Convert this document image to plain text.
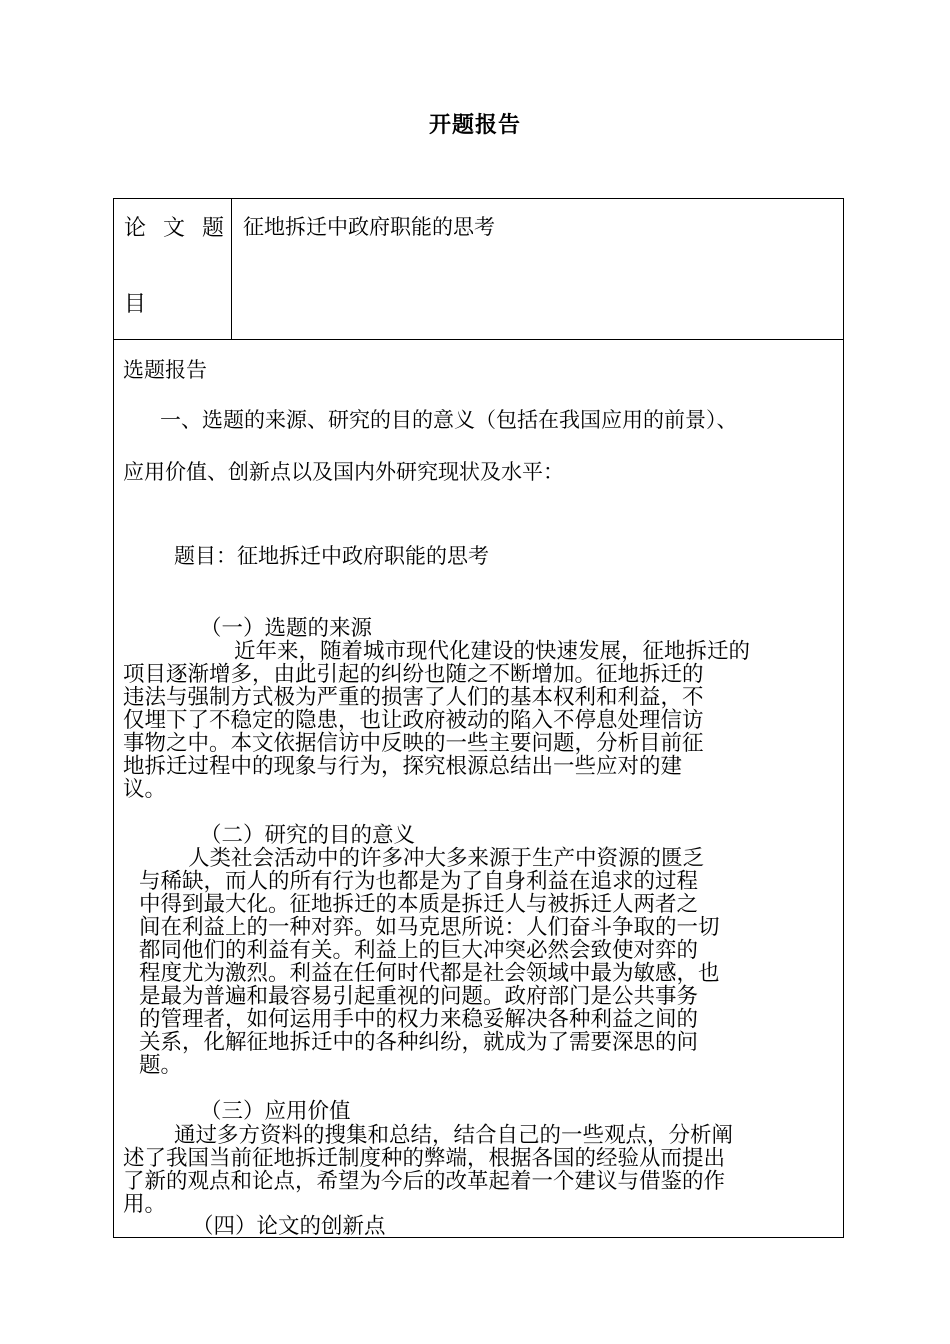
开题报告
论 文 题
目
征地拆迁中政府职能的思考
选题报告
一、选题的来源、研究的目的意义（包括在我国应用的前景）、
应用价值、创新点以及国内外研究现状及水平：
题目：征地拆迁中政府职能的思考
（一）选题的来源
近年来，随着城市现代化建设的快速发展，征地拆迁的
项目逐渐增多，由此引起的纠纷也随之不断增加。征地拆迁的
违法与强制方式极为严重的损害了人们的基本权利和利益，不
仅埋下了不稳定的隐患，也让政府被动的陷入不停息处理信访
事物之中。本文依据信访中反映的一些主要问题，分析目前征
地拆迁过程中的现象与行为，探究根源总结出一些应对的建
议。
（二）研究的目的意义
人类社会活动中的许多冲大多来源于生产中资源的匮乏
与稀缺，而人的所有行为也都是为了自身利益在追求的过程
中得到最大化。征地拆迁的本质是拆迁人与被拆迁人两者之
间在利益上的一种对弈。如马克思所说：人们奋斗争取的一切
都同他们的利益有关。利益上的巨大冲突必然会致使对弈的
程度尤为激烈。利益在任何时代都是社会领域中最为敏感，也
是最为普遍和最容易引起重视的问题。政府部门是公共事务
的管理者，如何运用手中的权力来稳妥解决各种利益之间的
关系，化解征地拆迁中的各种纠纷，就成为了需要深思的问
题。
（三）应用价值
通过多方资料的搜集和总结，结合自己的一些观点，分析阐
述了我国当前征地拆迁制度种的弊端，根据各国的经验从而提出
了新的观点和论点，希望为今后的改革起着一个建议与借鉴的作
用。
（四）论文的创新点
